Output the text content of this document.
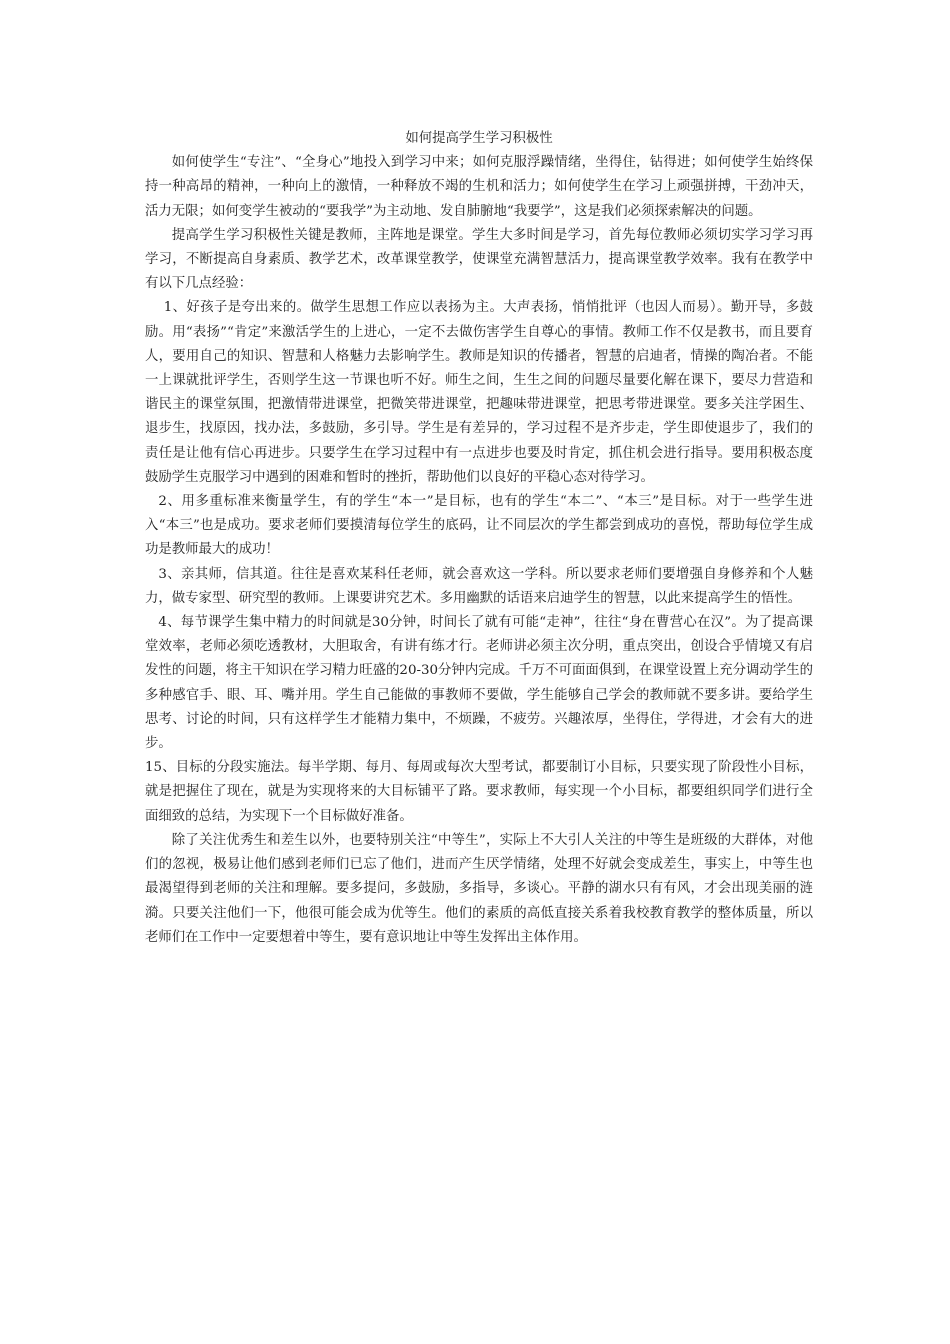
如何提高学生学习积极性

如何使学生“专注”、“全身心”地投入到学习中来；如何克服浮躁情绪，坐得住，钻得进；如何使学生始终保持一种高昂的精神，一种向上的激情，一种释放不竭的生机和活力；如何使学生在学习上顽强拼搏，干劲冲天，活力无限；如何变学生被动的“要我学”为主动地、发自肺腑地“我要学”，这是我们必须探索解决的问题。

提高学生学习积极性关键是教师，主阵地是课堂。学生大多时间是学习，首先每位教师必须切实学习学习再学习，不断提高自身素质、教学艺术，改革课堂教学，使课堂充满智慧活力，提高课堂教学效率。我有在教学中有以下几点经验：

1、好孩子是夸出来的。做学生思想工作应以表扬为主。大声表扬，悄悄批评（也因人而易）。勤开导，多鼓励。用“表扬”“肯定”来激活学生的上进心，一定不去做伤害学生自尊心的事情。教师工作不仅是教书，而且要育人，要用自己的知识、智慧和人格魅力去影响学生。教师是知识的传播者，智慧的启迪者，情操的陶冶者。不能一上课就批评学生，否则学生这一节课也听不好。师生之间，生生之间的问题尽量要化解在课下，要尽力营造和谐民主的课堂氛围，把激情带进课堂，把微笑带进课堂，把趣味带进课堂，把思考带进课堂。要多关注学困生、退步生，找原因，找办法，多鼓励，多引导。学生是有差异的，学习过程不是齐步走，学生即使退步了，我们的责任是让他有信心再进步。只要学生在学习过程中有一点进步也要及时肯定，抓住机会进行指导。要用积极态度鼓励学生克服学习中遇到的困难和暂时的挫折，帮助他们以良好的平稳心态对待学习。

2、用多重标准来衡量学生，有的学生“本一”是目标，也有的学生“本二”、“本三”是目标。对于一些学生进入“本三”也是成功。要求老师们要摸清每位学生的底码，让不同层次的学生都尝到成功的喜悦，帮助每位学生成功是教师最大的成功！

3、亲其师，信其道。往往是喜欢某科任老师，就会喜欢这一学科。所以要求老师们要增强自身修养和个人魅力，做专家型、研究型的教师。上课要讲究艺术。多用幽默的话语来启迪学生的智慧，以此来提高学生的悟性。

4、每节课学生集中精力的时间就是30分钟，时间长了就有可能“走神”，往往“身在曹营心在汉”。为了提高课堂效率，老师必须吃透教材，大胆取舍，有讲有练才行。老师讲必须主次分明，重点突出，创设合乎情境又有启发性的问题，将主干知识在学习精力旺盛的20-30分钟内完成。千万不可面面俱到，在课堂设置上充分调动学生的多种感官手、眼、耳、嘴并用。学生自己能做的事教师不要做，学生能够自己学会的教师就不要多讲。要给学生思考、讨论的时间，只有这样学生才能精力集中，不烦躁，不疲劳。兴趣浓厚，坐得住，学得进，才会有大的进步。

15、目标的分段实施法。每半学期、每月、每周或每次大型考试，都要制订小目标，只要实现了阶段性小目标，就是把握住了现在，就是为实现将来的大目标铺平了路。要求教师，每实现一个小目标，都要组织同学们进行全面细致的总结，为实现下一个目标做好准备。

除了关注优秀生和差生以外，也要特别关注“中等生”，实际上不大引人关注的中等生是班级的大群体，对他们的忽视，极易让他们感到老师们已忘了他们，进而产生厌学情绪，处理不好就会变成差生，事实上，中等生也最渴望得到老师的关注和理解。要多提问，多鼓励，多指导，多谈心。平静的湖水只有有风，才会出现美丽的涟漪。只要关注他们一下，他很可能会成为优等生。他们的素质的高低直接关系着我校教育教学的整体质量，所以老师们在工作中一定要想着中等生，要有意识地让中等生发挥出主体作用。
